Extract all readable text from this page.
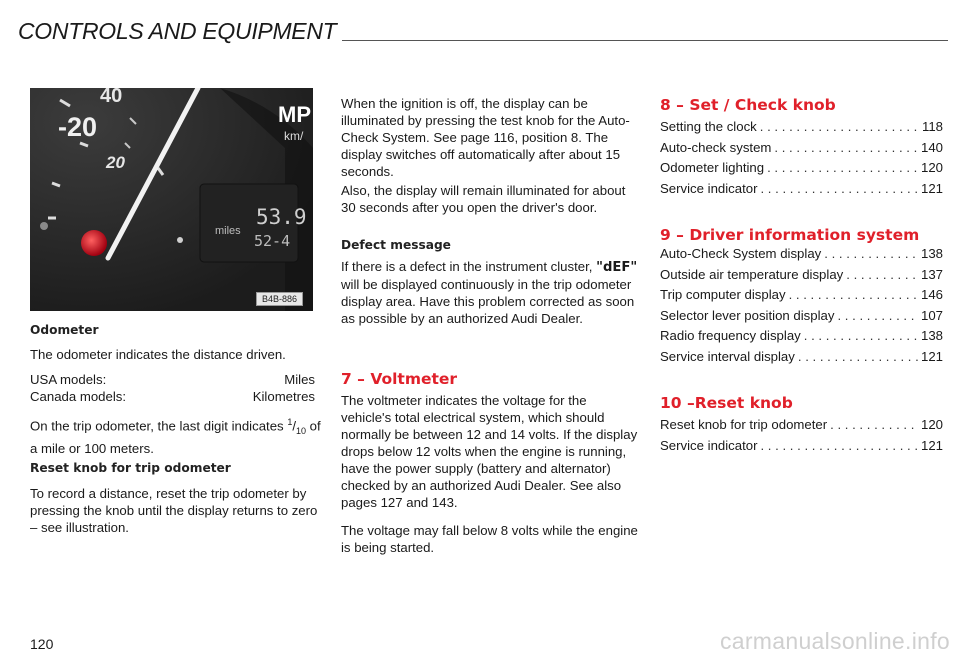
CONTROLS AND EQUIPMENT
40
-20
20
MP
km/
miles
53.9
52-4
B4B-886
Odometer

The odometer indicates the distance driven.

USA models:	Miles
Canada models:	Kilometres

On the trip odometer, the last digit indicates $^1/_{10}$ of a mile or 100 meters.

Reset knob for trip odometer

To record a distance, reset the trip odometer by pressing the knob until the display returns to zero – see illustration.

When the ignition is off, the display can be illuminated by pressing the test knob for the Auto-Check System. See page 116, position 8. The display switches off automatically after about 15 seconds.

Also, the display will remain illuminated for about 30 seconds after you open the driver's door.

Defect message

If there is a defect in the instrument cluster, "dEF" will be displayed continuously in the trip odometer display area. Have this problem corrected as soon as possible by an authorized Audi Dealer.

7 – Voltmeter

The voltmeter indicates the voltage for the vehicle's total electrical system, which should normally be between 12 and 14 volts. If the display drops below 12 volts when the engine is running, have the power supply (battery and alternator) checked by an authorized Audi Dealer. See also pages 127 and 143.

The voltage may fall below 8 volts while the engine is being started.

8 – Set / Check knob
Setting the clock . . .	118
Auto-check system . . .	140
Odometer lighting . . .	120
Service indicator . . .	121
9 – Driver information system
Auto-Check System display . . .	138
Outside air temperature display . . .	137
Trip computer display . . .	146
Selector lever position display . . .	107
Radio frequency display . . .	138
Service interval display . . .	121
10 –Reset knob
Reset knob for trip odometer . . .	120
Service indicator . . .	121
120	carmanualsonline.info
